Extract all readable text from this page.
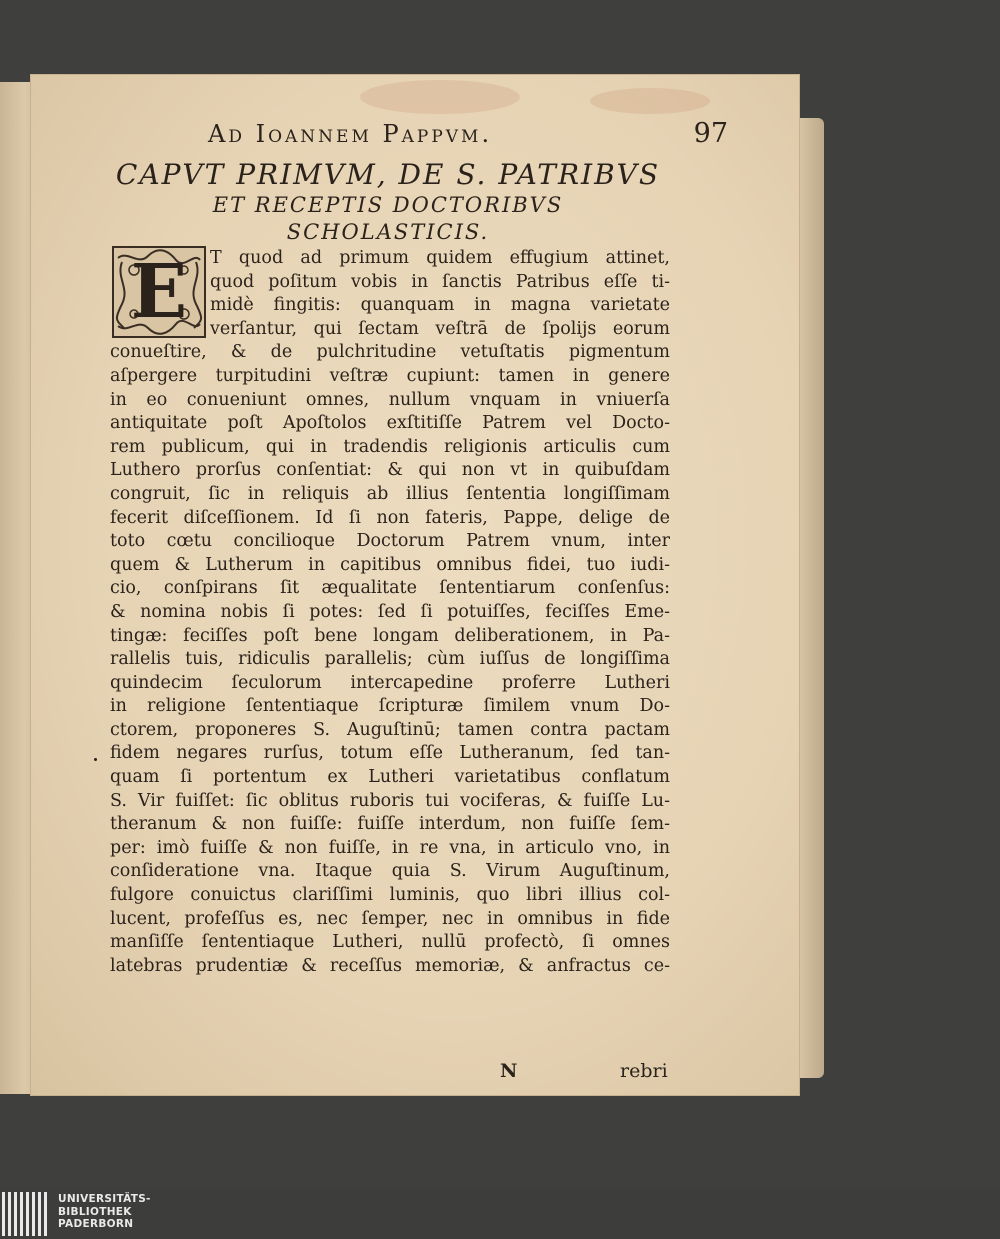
Ad Ioannem Pappvm.	97
CAPVT PRIMVM, DE S. PATRIBVS
ET RECEPTIS DOCTORIBVS
SCHOLASTICIS.
E	T quod ad primum quidem effugium attinet,
quod poſitum vobis in ſanctis Patribus eſſe ti-
midè fingitis: quanquam in magna varietate
verſantur, qui ſectam veſtrā de ſpolijs eorum
conueſtire, & de pulchritudine vetuſtatis pigmentum
aſpergere turpitudini veſtræ cupiunt: tamen in genere
in eo conueniunt omnes, nullum vnquam in vniuerſa
antiquitate poſt Apoſtolos exſtitiſſe Patrem vel Docto-
rem publicum, qui in tradendis religionis articulis cum
Luthero prorſus conſentiat: & qui non vt in quibuſdam
congruit, ſic in reliquis ab illius ſententia longiſſimam
fecerit diſceſſionem. Id ſi non fateris, Pappe, delige de
toto cœtu concilioque Doctorum Patrem vnum, inter
quem & Lutherum in capitibus omnibus fidei, tuo iudi-
cio, conſpirans ſit æqualitate ſententiarum conſenſus:
& nomina nobis ſi potes: ſed ſi potuiſſes, feciſſes Eme-
tingæ: feciſſes poſt bene longam deliberationem, in Pa-
rallelis tuis, ridiculis parallelis; cùm iuſſus de longiſſima
quindecim ſeculorum intercapedine proferre Lutheri
in religione ſententiaque ſcripturæ ſimilem vnum Do-
ctorem, proponeres S. Auguſtinū; tamen contra pactam
fidem negares rurſus, totum eſſe Lutheranum, ſed tan-
quam ſi portentum ex Lutheri varietatibus conflatum
S. Vir fuiſſet: ſic oblitus ruboris tui vociferas, & fuiſſe Lu-
theranum & non fuiſſe: fuiſſe interdum, non fuiſſe ſem-
per: imò fuiſſe & non fuiſſe, in re vna, in articulo vno, in
conſideratione vna. Itaque quia S. Virum Auguſtinum,
fulgore conuictus clariſſimi luminis, quo libri illius col-
lucent, profeſſus es, nec ſemper, nec in omnibus in fide
manſiſſe ſententiaque Lutheri, nullū profectò, ſi omnes
latebras prudentiæ & receſſus memoriæ, & anfractus ce-
N	rebri
UNIVERSITÄTS-
BIBLIOTHEK
PADERBORN
